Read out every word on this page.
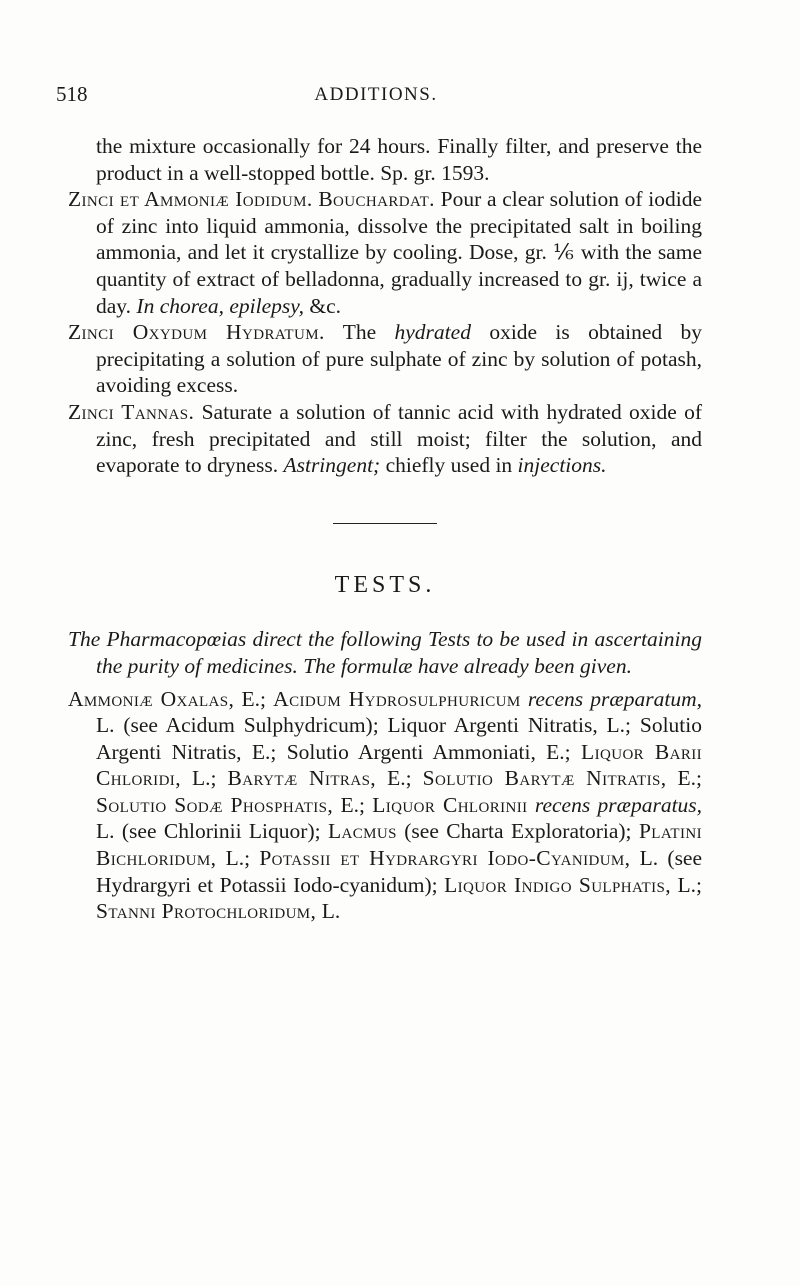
518	ADDITIONS.

the mixture occasionally for 24 hours. Finally filter, and preserve the product in a well-stopped bottle. Sp. gr. 1593.

Zinci et Ammoniæ Iodidum. Bouchardat. Pour a clear solution of iodide of zinc into liquid ammonia, dissolve the precipitated salt in boiling ammonia, and let it crystallize by cooling. Dose, gr. ⅙ with the same quantity of extract of belladonna, gradually increased to gr. ij, twice a day. In chorea, epilepsy, &c.

Zinci Oxydum Hydratum. The hydrated oxide is obtained by precipitating a solution of pure sulphate of zinc by solution of potash, avoiding excess.

Zinci Tannas. Saturate a solution of tannic acid with hydrated oxide of zinc, fresh precipitated and still moist; filter the solution, and evaporate to dryness. Astringent; chiefly used in injections.

TESTS.

The Pharmacopœias direct the following Tests to be used in ascertaining the purity of medicines. The formulæ have already been given.

Ammoniæ Oxalas, E.; Acidum Hydrosulphuricum recens præparatum, L. (see Acidum Sulphydricum); Liquor Argenti Nitratis, L.; Solutio Argenti Nitratis, E.; Solutio Argenti Ammoniati, E.; Liquor Barii Chloridi, L.; Barytæ Nitras, E.; Solutio Barytæ Nitratis, E.; Solutio Sodæ Phosphatis, E.; Liquor Chlorinii recens præparatus, L. (see Chlorinii Liquor); Lacmus (see Charta Exploratoria); Platini Bichloridum, L.; Potassii et Hydrargyri Iodo-Cyanidum, L. (see Hydrargyri et Potassii Iodo-cyanidum); Liquor Indigo Sulphatis, L.; Stanni Protochloridum, L.
